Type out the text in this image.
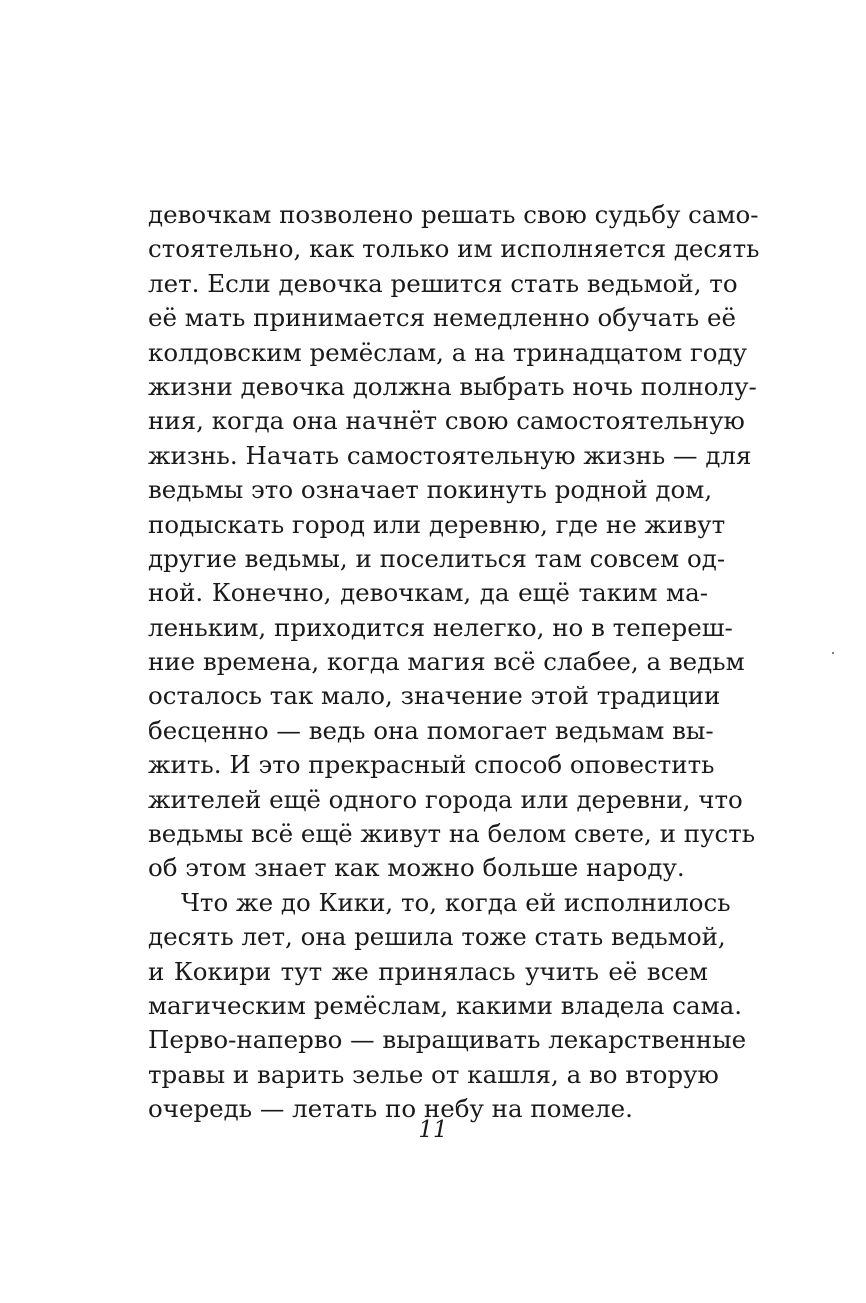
девочкам позволено решать свою судьбу само-
стоятельно, как только им исполняется десять
лет. Если девочка решится стать ведьмой, то
её мать принимается немедленно обучать её
колдовским ремёслам, а на тринадцатом году
жизни девочка должна выбрать ночь полнолу-
ния, когда она начнёт свою самостоятельную
жизнь. Начать самостоятельную жизнь — для
ведьмы это означает покинуть родной дом,
подыскать город или деревню, где не живут
другие ведьмы, и поселиться там совсем од-
ной. Конечно, девочкам, да ещё таким ма-
леньким, приходится нелегко, но в тепереш-
ние времена, когда магия всё слабее, а ведьм
осталось так мало, значение этой традиции
бесценно — ведь она помогает ведьмам вы-
жить. И это прекрасный способ оповестить
жителей ещё одного города или деревни, что
ведьмы всё ещё живут на белом свете, и пусть
об этом знает как можно больше народу.
Что же до Кики, то, когда ей исполнилось
десять лет, она решила тоже стать ведьмой,
и Кокири тут же принялась учить её всем
магическим ремёслам, какими владела сама.
Перво-наперво — выращивать лекарственные
травы и варить зелье от кашля, а во вторую
очередь — летать по небу на помеле.
11
